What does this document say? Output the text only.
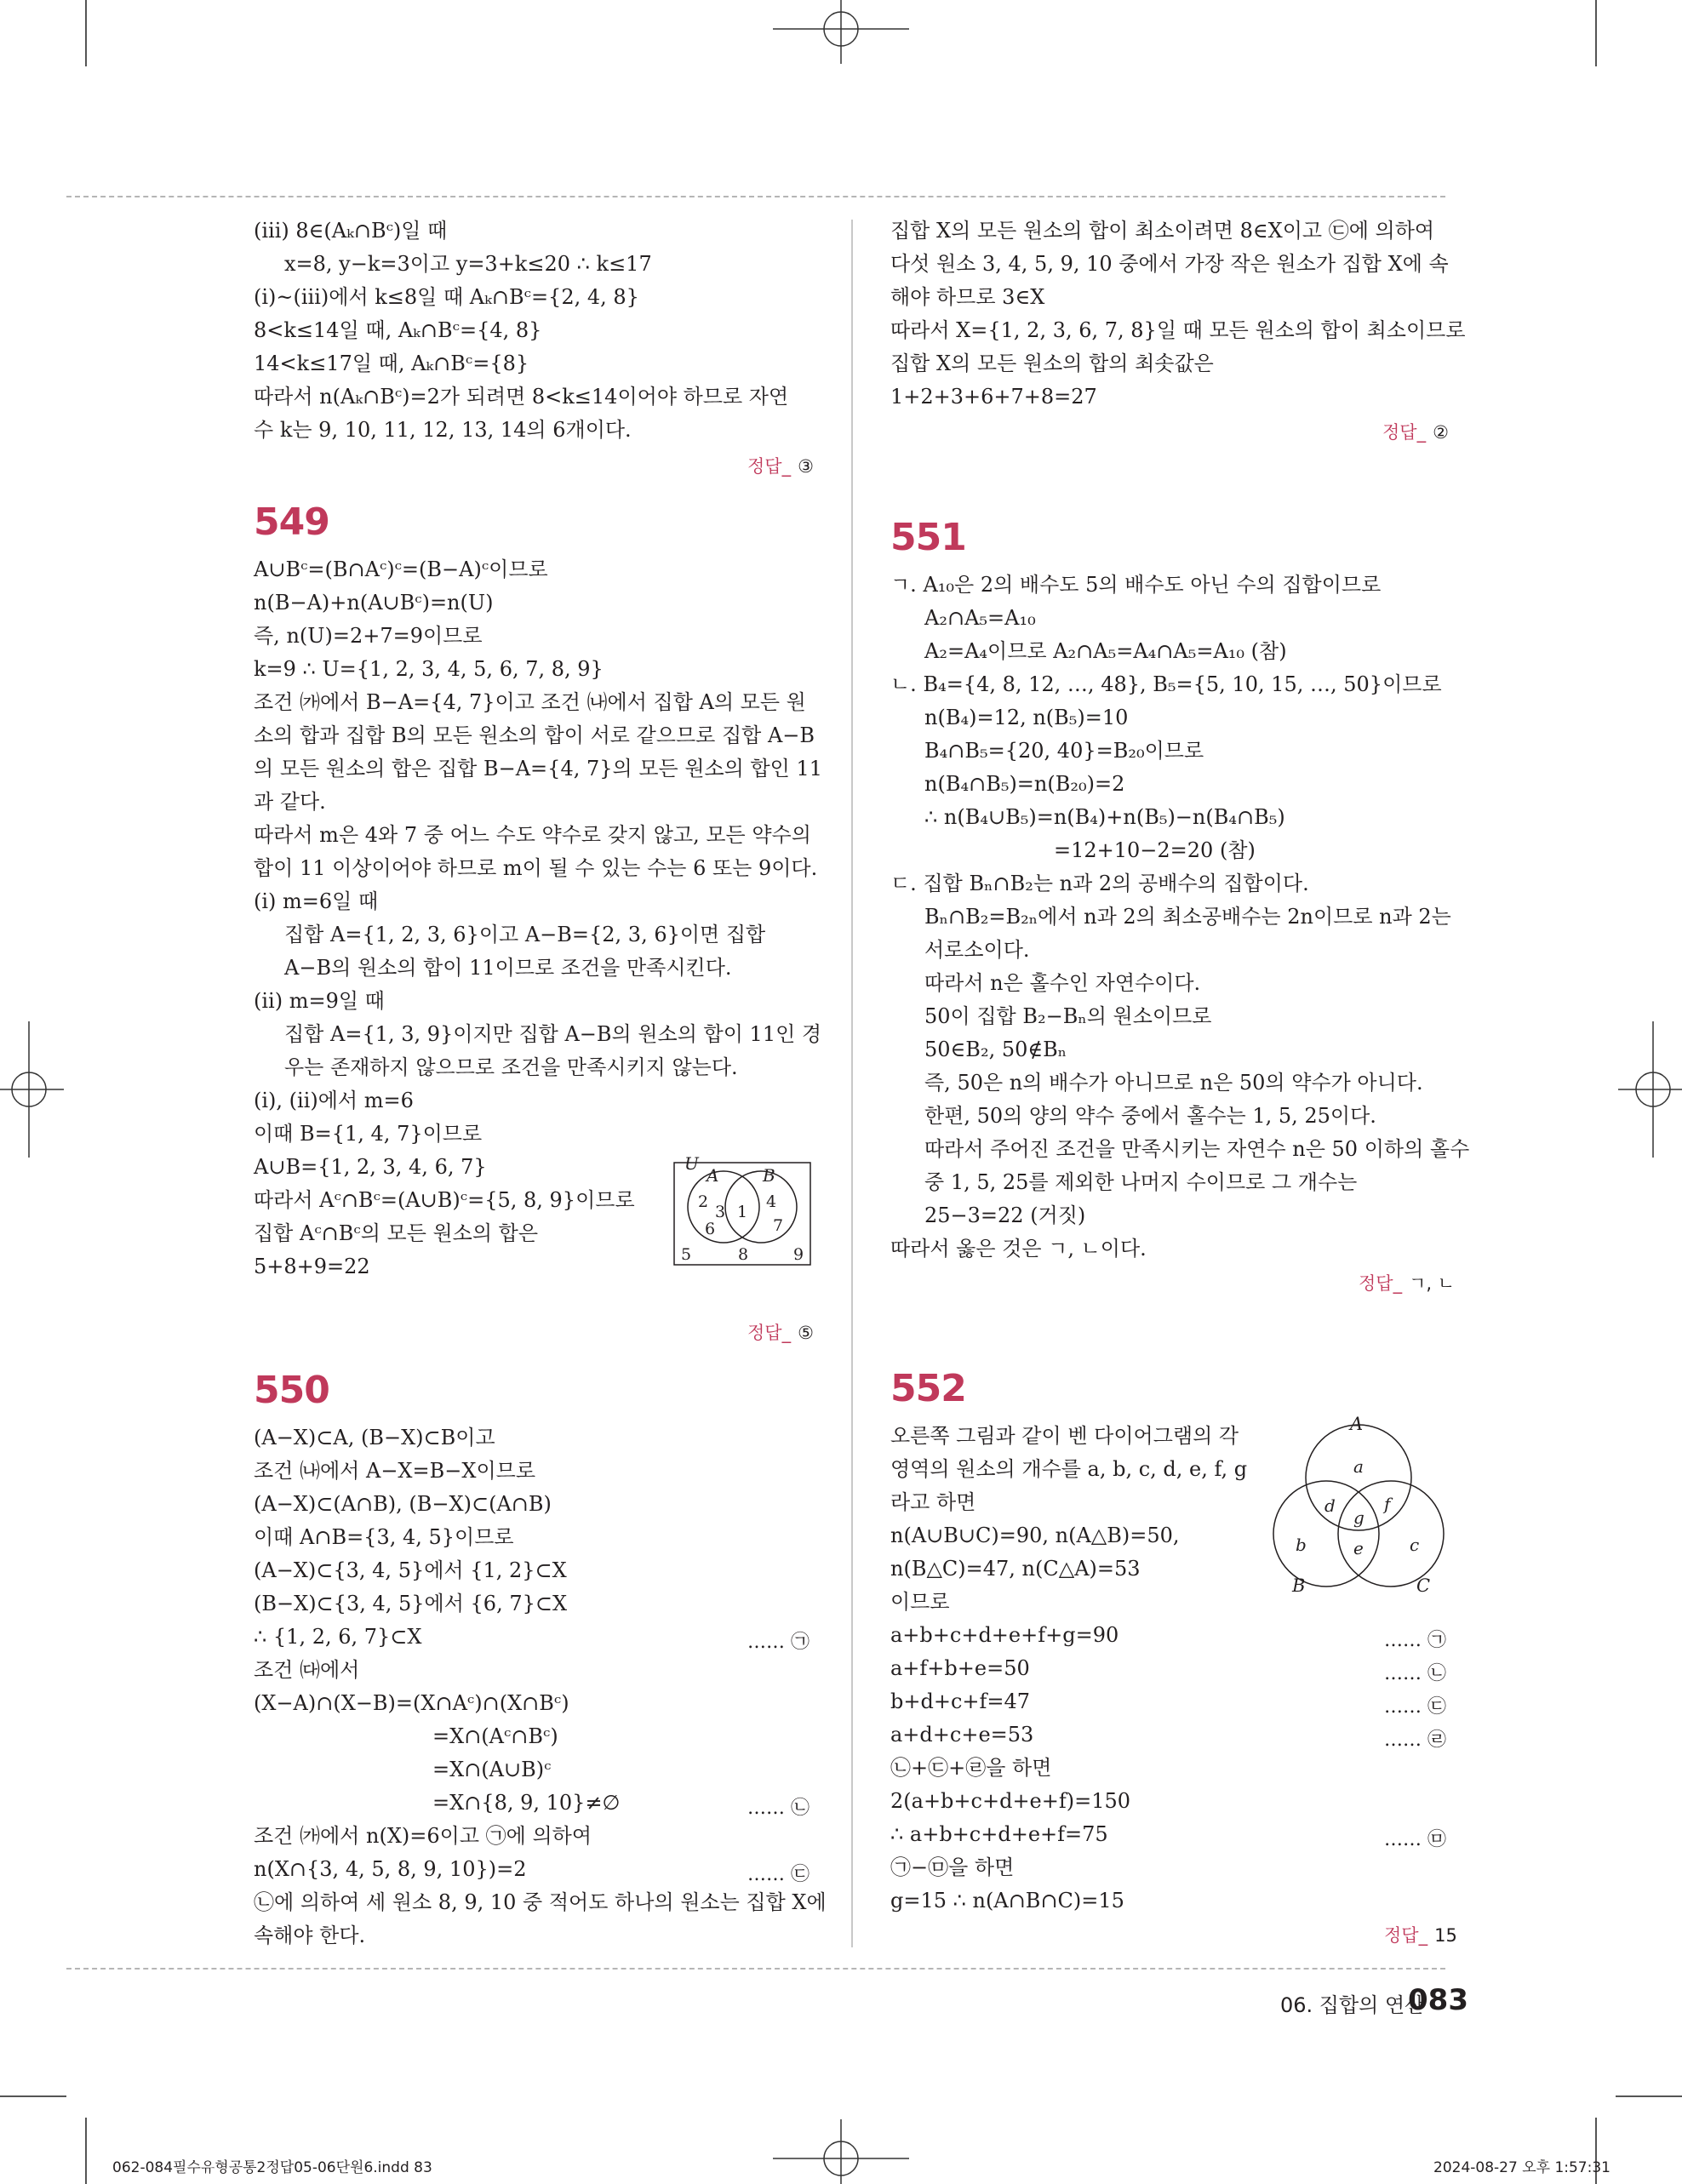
(ⅲ) 8∈(Aₖ∩Bᶜ)일 때
x=8, y−k=3이고 y=3+k≤20 ∴ k≤17
(ⅰ)~(ⅲ)에서 k≤8일 때 Aₖ∩Bᶜ={2, 4, 8}
8<k≤14일 때, Aₖ∩Bᶜ={4, 8}
14<k≤17일 때, Aₖ∩Bᶜ={8}
따라서 n(Aₖ∩Bᶜ)=2가 되려면 8<k≤14이어야 하므로 자연
수 k는 9, 10, 11, 12, 13, 14의 6개이다.
정답_ ③
549
A∪Bᶜ=(B∩Aᶜ)ᶜ=(B−A)ᶜ이므로
n(B−A)+n(A∪Bᶜ)=n(U)
즉, n(U)=2+7=9이므로
k=9 ∴ U={1, 2, 3, 4, 5, 6, 7, 8, 9}
조건 ㈎에서 B−A={4, 7}이고 조건 ㈏에서 집합 A의 모든 원
소의 합과 집합 B의 모든 원소의 합이 서로 같으므로 집합 A−B
의 모든 원소의 합은 집합 B−A={4, 7}의 모든 원소의 합인 11
과 같다.
따라서 m은 4와 7 중 어느 수도 약수로 갖지 않고, 모든 약수의
합이 11 이상이어야 하므로 m이 될 수 있는 수는 6 또는 9이다.
(ⅰ) m=6일 때
집합 A={1, 2, 3, 6}이고 A−B={2, 3, 6}이면 집합
A−B의 원소의 합이 11이므로 조건을 만족시킨다.
(ⅱ) m=9일 때
집합 A={1, 3, 9}이지만 집합 A−B의 원소의 합이 11인 경
우는 존재하지 않으므로 조건을 만족시키지 않는다.
(ⅰ), (ⅱ)에서 m=6
이때 B={1, 4, 7}이므로
A∪B={1, 2, 3, 4, 6, 7}
따라서 Aᶜ∩Bᶜ=(A∪B)ᶜ={5, 8, 9}이므로
집합 Aᶜ∩Bᶜ의 모든 원소의 합은
5+8+9=22
U
A	B
2
3
6
1
4
7
5	8	9
정답_ ⑤
550
(A−X)⊂A, (B−X)⊂B이고
조건 ㈏에서 A−X=B−X이므로
(A−X)⊂(A∩B), (B−X)⊂(A∩B)
이때 A∩B={3, 4, 5}이므로
(A−X)⊂{3, 4, 5}에서 {1, 2}⊂X
(B−X)⊂{3, 4, 5}에서 {6, 7}⊂X
∴ {1, 2, 6, 7}⊂X	…… ㉠
조건 ㈐에서
(X−A)∩(X−B)=(X∩Aᶜ)∩(X∩Bᶜ)
=X∩(Aᶜ∩Bᶜ)
=X∩(A∪B)ᶜ
=X∩{8, 9, 10}≠∅	…… ㉡
조건 ㈎에서 n(X)=6이고 ㉠에 의하여
n(X∩{3, 4, 5, 8, 9, 10})=2	…… ㉢
㉡에 의하여 세 원소 8, 9, 10 중 적어도 하나의 원소는 집합 X에
속해야 한다.
집합 X의 모든 원소의 합이 최소이려면 8∈X이고 ㉢에 의하여
다섯 원소 3, 4, 5, 9, 10 중에서 가장 작은 원소가 집합 X에 속
해야 하므로 3∈X
따라서 X={1, 2, 3, 6, 7, 8}일 때 모든 원소의 합이 최소이므로
집합 X의 모든 원소의 합의 최솟값은
1+2+3+6+7+8=27
정답_ ②
551
ㄱ. A₁₀은 2의 배수도 5의 배수도 아닌 수의 집합이므로
A₂∩A₅=A₁₀
A₂=A₄이므로 A₂∩A₅=A₄∩A₅=A₁₀ (참)
ㄴ. B₄={4, 8, 12, …, 48}, B₅={5, 10, 15, …, 50}이므로
n(B₄)=12, n(B₅)=10
B₄∩B₅={20, 40}=B₂₀이므로
n(B₄∩B₅)=n(B₂₀)=2
∴ n(B₄∪B₅)=n(B₄)+n(B₅)−n(B₄∩B₅)
=12+10−2=20 (참)
ㄷ. 집합 Bₙ∩B₂는 n과 2의 공배수의 집합이다.
Bₙ∩B₂=B₂ₙ에서 n과 2의 최소공배수는 2n이므로 n과 2는
서로소이다.
따라서 n은 홀수인 자연수이다.
50이 집합 B₂−Bₙ의 원소이므로
50∈B₂, 50∉Bₙ
즉, 50은 n의 배수가 아니므로 n은 50의 약수가 아니다.
한편, 50의 양의 약수 중에서 홀수는 1, 5, 25이다.
따라서 주어진 조건을 만족시키는 자연수 n은 50 이하의 홀수
중 1, 5, 25를 제외한 나머지 수이므로 그 개수는
25−3=22 (거짓)
따라서 옳은 것은 ㄱ, ㄴ이다.
정답_ ㄱ, ㄴ
552
오른쪽 그림과 같이 벤 다이어그램의 각
영역의 원소의 개수를 a, b, c, d, e, f, g
라고 하면
n(A∪B∪C)=90, n(A△B)=50,
n(B△C)=47, n(C△A)=53
이므로
a+b+c+d+e+f+g=90	…… ㉠
a+f+b+e=50	…… ㉡
b+d+c+f=47	…… ㉢
a+d+c+e=53	…… ㉣
㉡+㉢+㉣을 하면
2(a+b+c+d+e+f)=150
∴ a+b+c+d+e+f=75	…… ㉤
㉠−㉤을 하면
g=15 ∴ n(A∩B∩C)=15
A
B	C
a
b	c
d
e
f
g
정답_ 15
06. 집합의 연산
083
062-084필수유형공통2정답05-06단원6.indd 83	2024-08-27 오후 1:57:31
